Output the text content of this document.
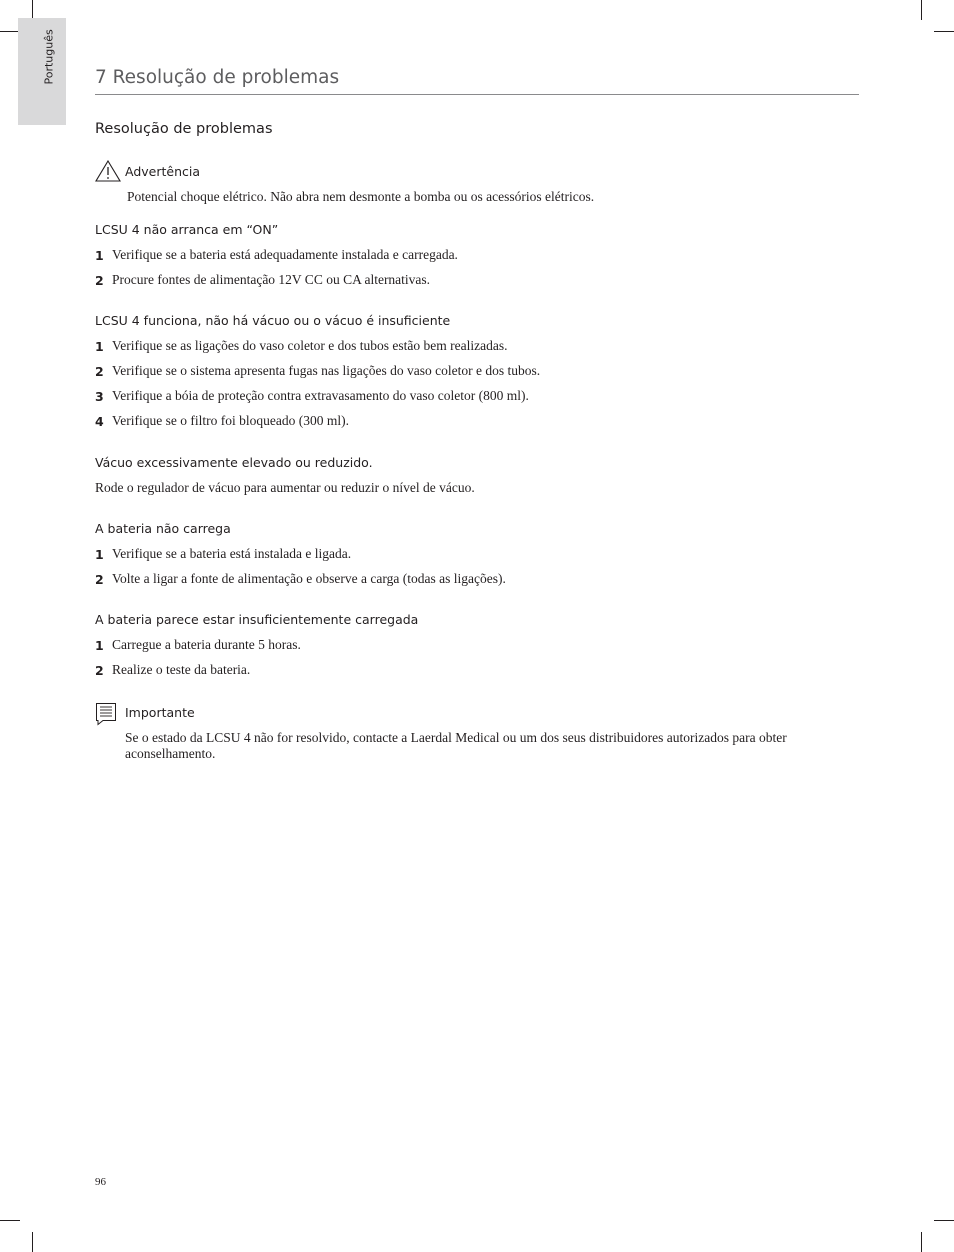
Português 7 Resolução de problemas
Resolução de problemas
Advertência
Potencial choque elétrico. Não abra nem desmonte a bomba ou os acessórios elétricos.
LCSU 4 não arranca em “ON”
1 Verifique se a bateria está adequadamente instalada e carregada.
2 Procure fontes de alimentação 12V CC ou CA alternativas.
LCSU 4 funciona, não há vácuo ou o vácuo é insuficiente
1 Verifique se as ligações do vaso coletor e dos tubos estão bem realizadas.
2 Verifique se o sistema apresenta fugas nas ligações do vaso coletor e dos tubos.
3 Verifique a bóia de proteção contra extravasamento do vaso coletor (800 ml).
4 Verifique se o filtro foi bloqueado (300 ml).
Vácuo excessivamente elevado ou reduzido.
Rode o regulador de vácuo para aumentar ou reduzir o nível de vácuo.
A bateria não carrega
1 Verifique se a bateria está instalada e ligada.
2 Volte a ligar a fonte de alimentação e observe a carga (todas as ligações).
A bateria parece estar insuficientemente carregada
1 Carregue a bateria durante 5 horas.
2 Realize o teste da bateria.
Importante
Se o estado da LCSU 4 não for resolvido, contacte a Laerdal Medical ou um dos seus distribuidores autorizados para obter aconselhamento.
96
